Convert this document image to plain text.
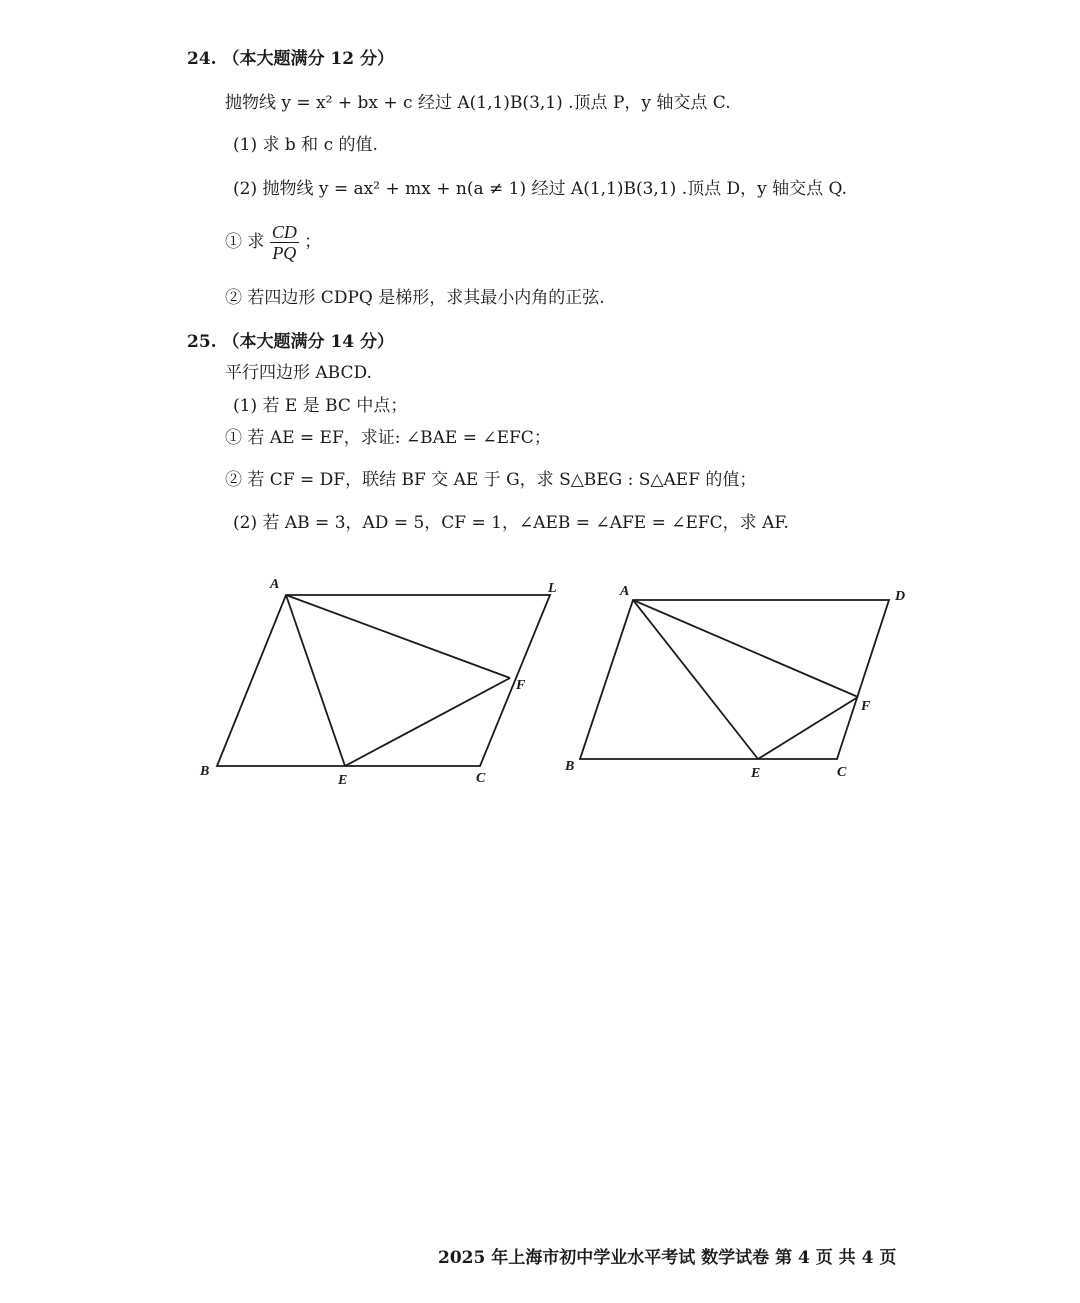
24. （本大题满分 12 分）
抛物线 y = x² + bx + c 经过 A(1,1)B(3,1) .顶点 P，y 轴交点 C.
(1) 求 b 和 c 的值.
(2) 抛物线 y = ax² + mx + n(a ≠ 1) 经过 A(1,1)B(3,1) .顶点 D，y 轴交点 Q.
① 求 $\frac{CD}{PQ}$ ；
② 若四边形 CDPQ 是梯形，求其最小内角的正弦.
25. （本大题满分 14 分）
平行四边形 ABCD.
(1) 若 E 是 BC 中点；
① 若 AE = EF，求证: ∠BAE = ∠EFC；
② 若 CF = DF，联结 BF 交 AE 于 G，求 S△BEG : S△AEF 的值；
(2) 若 AB = 3，AD = 5，CF = 1，∠AEB = ∠AFE = ∠EFC，求 AF.
A	L
F
B
E	C
A	D
F
B	E	C
2025 年上海市初中学业水平考试 数学试卷 第 4 页 共 4 页
